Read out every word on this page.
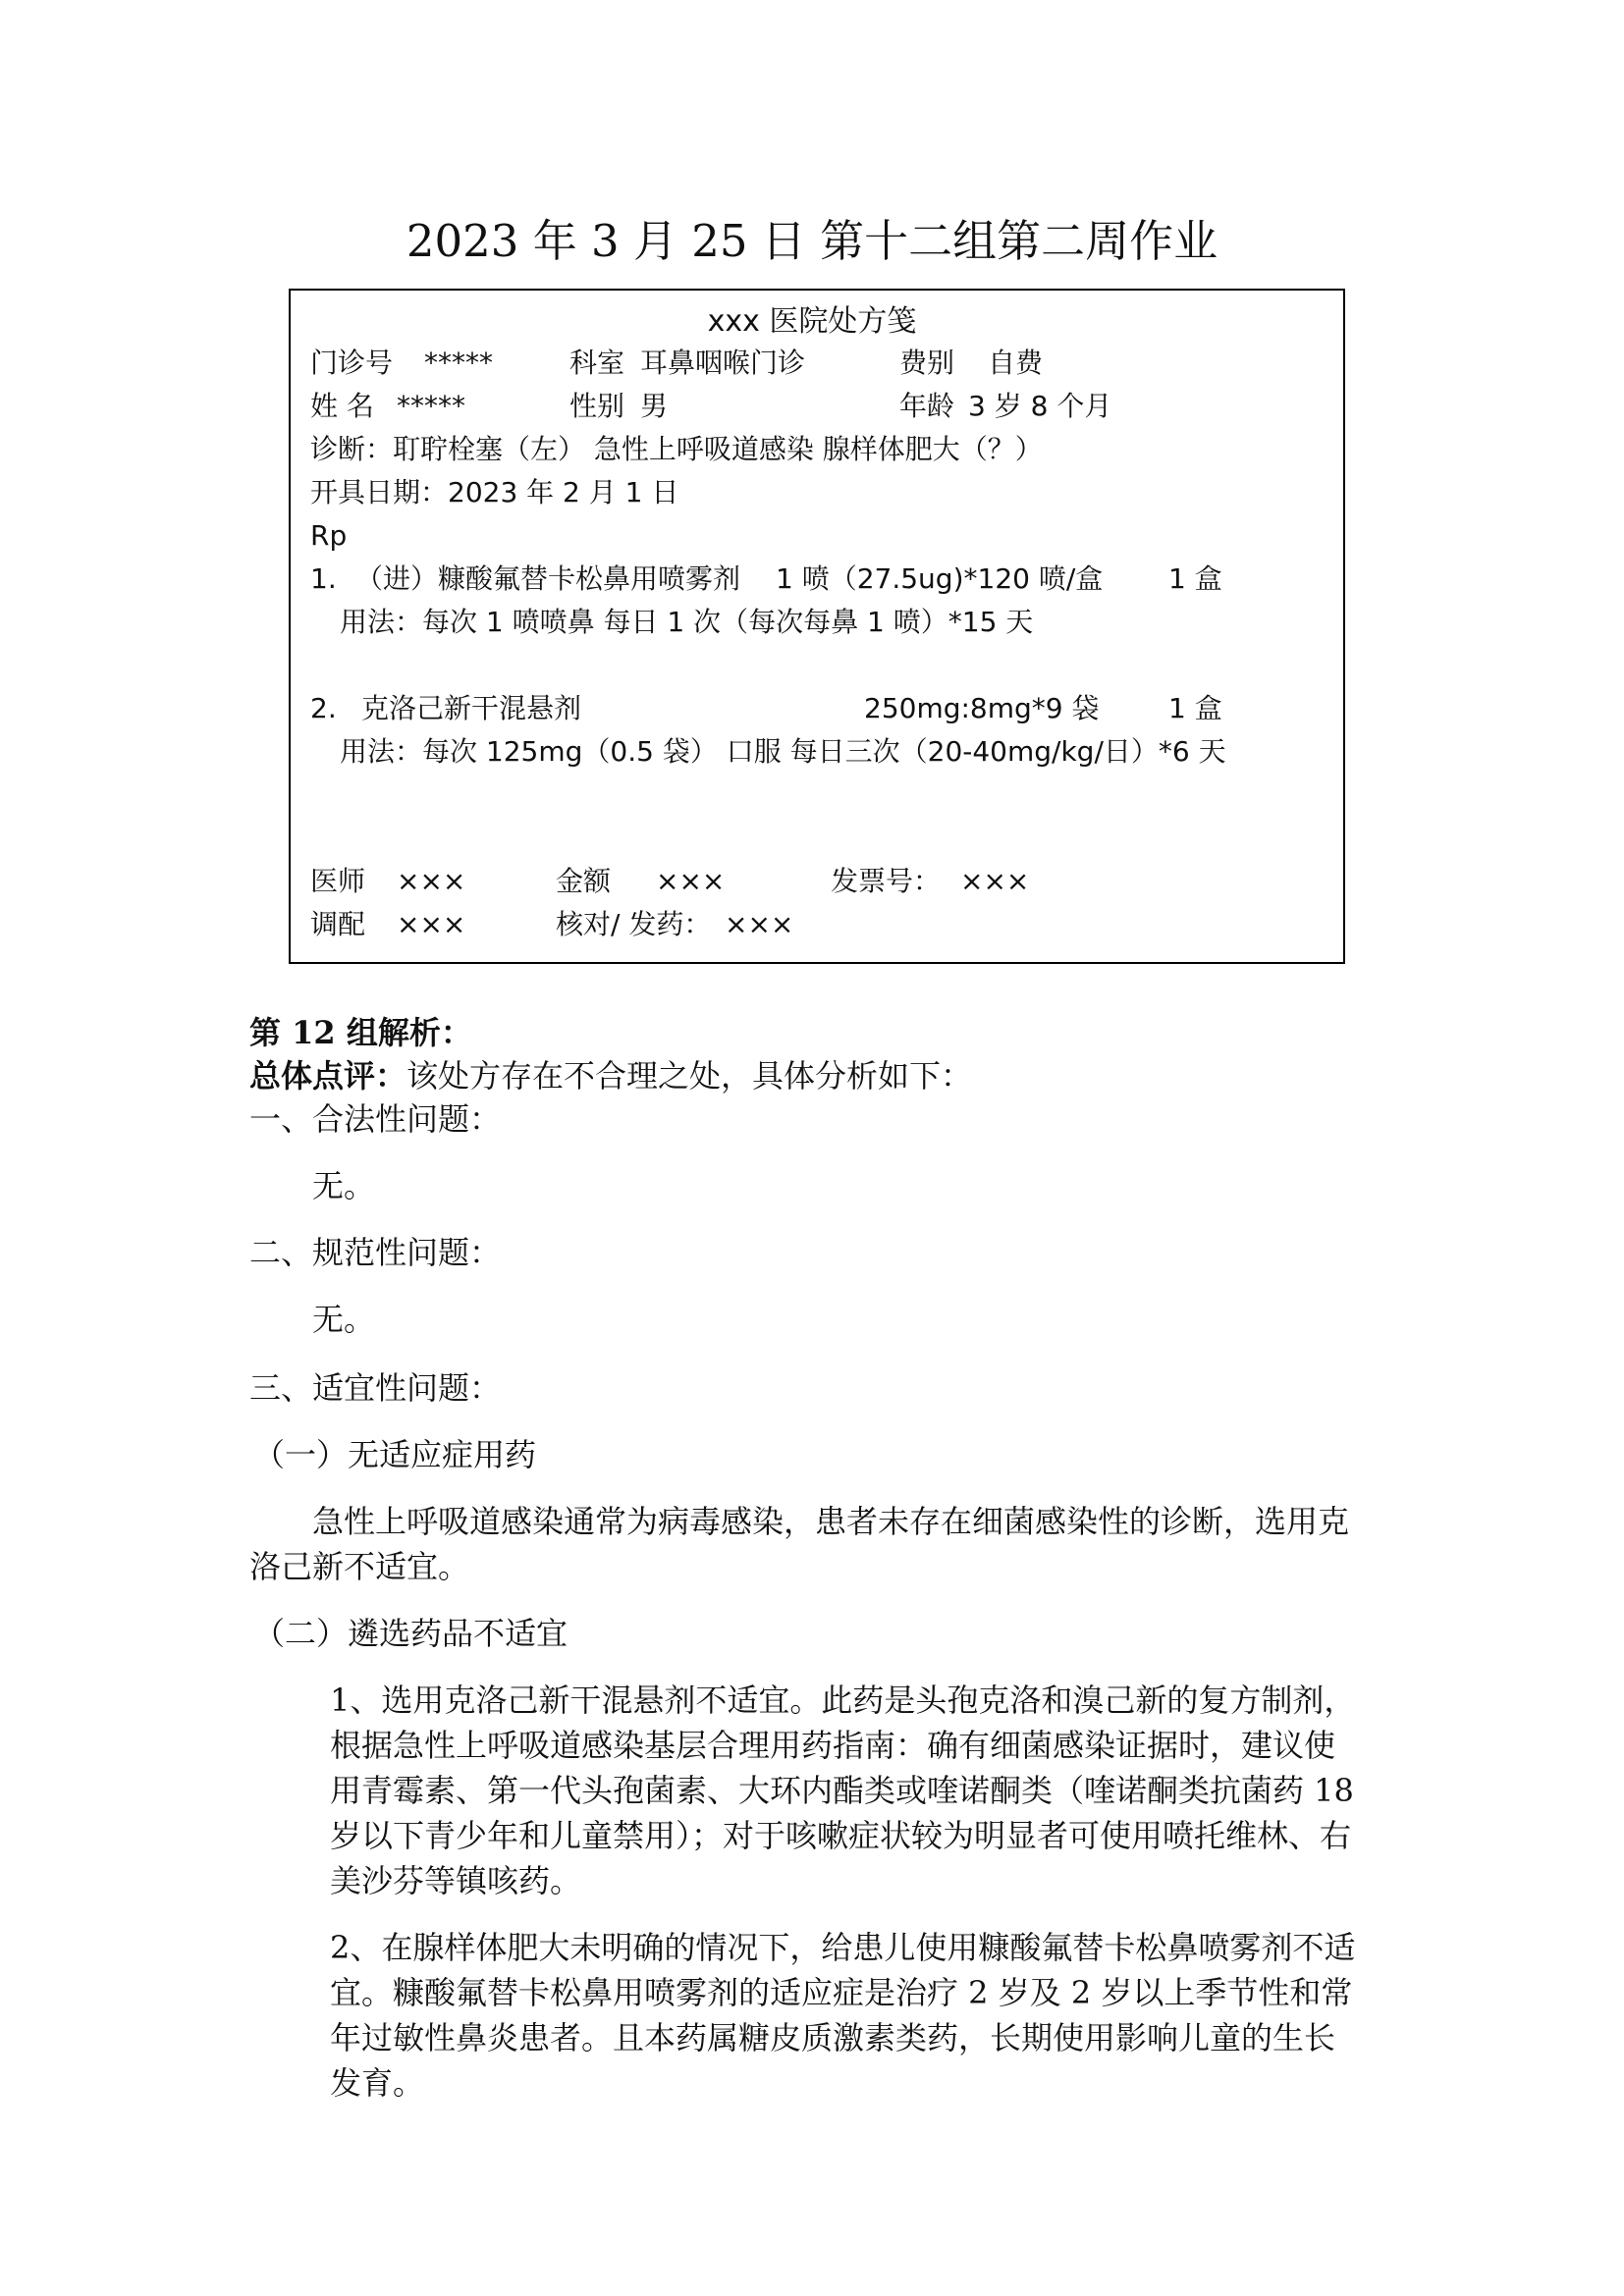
2023 年 3 月 25 日 第十二组第二周作业
xxx 医院处方笺
门诊号 *****	科室 耳鼻咽喉门诊	费别 自费
姓 名 *****	性别 男	年龄 3 岁 8 个月
诊断：耵聍栓塞（左） 急性上呼吸道感染 腺样体肥大（？）
开具日期：2023 年 2 月 1 日
Rp
1. （进）糠酸氟替卡松鼻用喷雾剂 1 喷（27.5ug)*120 喷/盒 1 盒
用法：每次 1 喷喷鼻 每日 1 次（每次每鼻 1 喷）*15 天
2. 克洛己新干混悬剂	250mg:8mg*9 袋	1 盒
用法：每次 125mg（0.5 袋） 口服 每日三次（20-40mg/kg/日）*6 天
医师 ×××	金额 ×××	发票号： ×××
调配 ×××	核对/ 发药： ×××
第 12 组解析：
总体点评：该处方存在不合理之处，具体分析如下：
一、合法性问题：
无。
二、规范性问题：
无。
三、适宜性问题：
（一）无适应症用药
急性上呼吸道感染通常为病毒感染，患者未存在细菌感染性的诊断，选用克
洛己新不适宜。
（二）遴选药品不适宜
1、选用克洛己新干混悬剂不适宜。此药是头孢克洛和溴己新的复方制剂，
根据急性上呼吸道感染基层合理用药指南：确有细菌感染证据时，建议使
用青霉素、第一代头孢菌素、大环内酯类或喹诺酮类（喹诺酮类抗菌药 18
岁以下青少年和儿童禁用）；对于咳嗽症状较为明显者可使用喷托维林、右
美沙芬等镇咳药。
2、在腺样体肥大未明确的情况下，给患儿使用糠酸氟替卡松鼻喷雾剂不适
宜。糠酸氟替卡松鼻用喷雾剂的适应症是治疗 2 岁及 2 岁以上季节性和常
年过敏性鼻炎患者。且本药属糖皮质激素类药，长期使用影响儿童的生长
发育。
